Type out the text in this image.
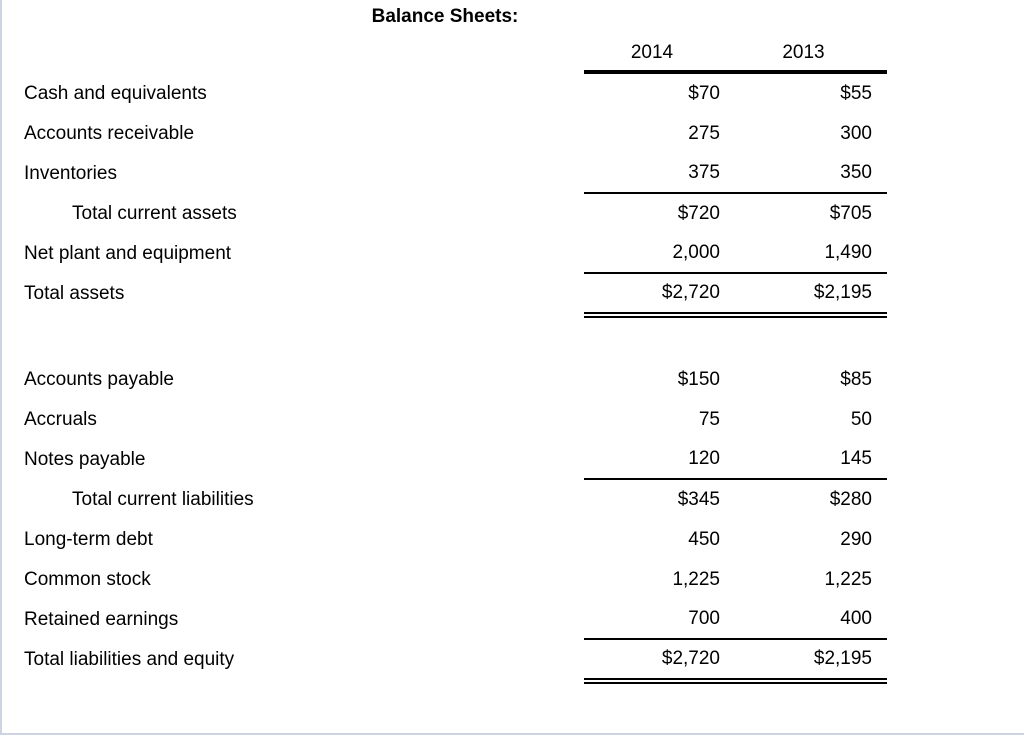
Balance Sheets:
2014	2013
Cash and equivalents	$70	$55
Accounts receivable	275	300
Inventories	375	350
Total current assets	$720	$705
Net plant and equipment	2,000	1,490
Total assets	$2,720	$2,195
Accounts payable	$150	$85
Accruals	75	50
Notes payable	120	145
Total current liabilities	$345	$280
Long-term debt	450	290
Common stock	1,225	1,225
Retained earnings	700	400
Total liabilities and equity	$2,720	$2,195
